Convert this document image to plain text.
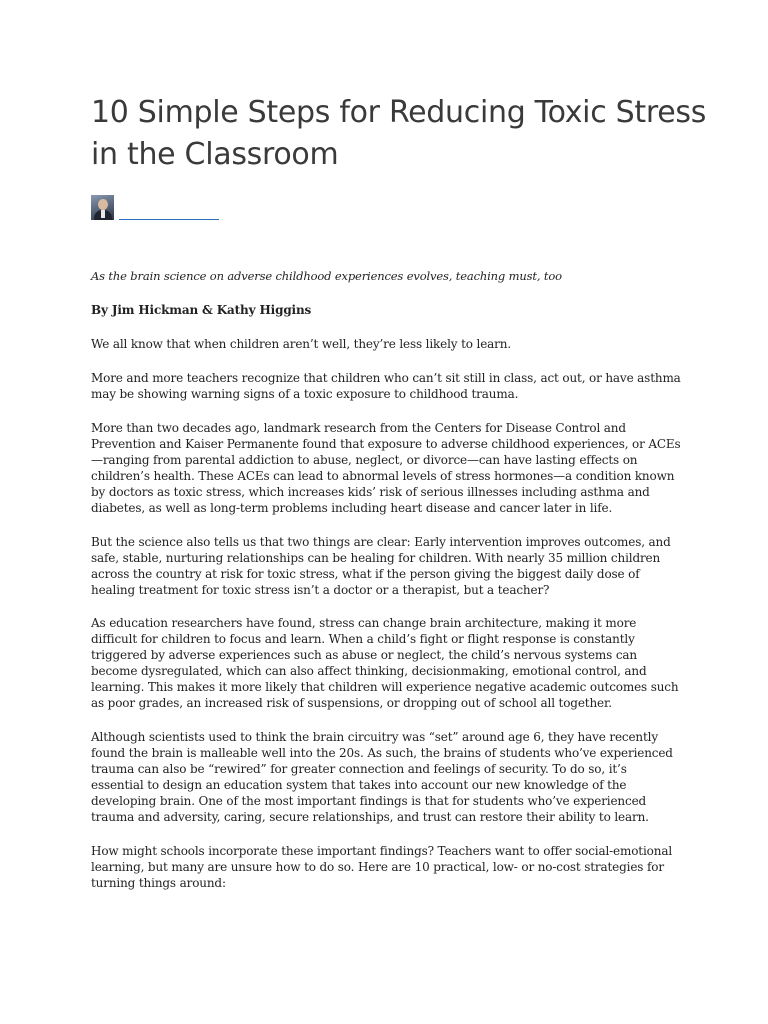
10 Simple Steps for Reducing Toxic Stress in the Classroom

As the brain science on adverse childhood experiences evolves, teaching must, too

By Jim Hickman & Kathy Higgins

We all know that when children aren’t well, they’re less likely to learn.

More and more teachers recognize that children who can’t sit still in class, act out, or have asthma may be showing warning signs of a toxic exposure to childhood trauma.

More than two decades ago, landmark research from the Centers for Disease Control and Prevention and Kaiser Permanente found that exposure to adverse childhood experiences, or ACEs—ranging from parental addiction to abuse, neglect, or divorce—can have lasting effects on children’s health. These ACEs can lead to abnormal levels of stress hormones—a condition known by doctors as toxic stress, which increases kids’ risk of serious illnesses including asthma and diabetes, as well as long-term problems including heart disease and cancer later in life.

But the science also tells us that two things are clear: Early intervention improves outcomes, and safe, stable, nurturing relationships can be healing for children. With nearly 35 million children across the country at risk for toxic stress, what if the person giving the biggest daily dose of healing treatment for toxic stress isn’t a doctor or a therapist, but a teacher?

As education researchers have found, stress can change brain architecture, making it more difficult for children to focus and learn. When a child’s fight or flight response is constantly triggered by adverse experiences such as abuse or neglect, the child’s nervous systems can become dysregulated, which can also affect thinking, decisionmaking, emotional control, and learning. This makes it more likely that children will experience negative academic outcomes such as poor grades, an increased risk of suspensions, or dropping out of school all together.

Although scientists used to think the brain circuitry was “set” around age 6, they have recently found the brain is malleable well into the 20s. As such, the brains of students who’ve experienced trauma can also be “rewired” for greater connection and feelings of security. To do so, it’s essential to design an education system that takes into account our new knowledge of the developing brain. One of the most important findings is that for students who’ve experienced trauma and adversity, caring, secure relationships, and trust can restore their ability to learn.

How might schools incorporate these important findings? Teachers want to offer social-emotional learning, but many are unsure how to do so. Here are 10 practical, low- or no-cost strategies for turning things around:
